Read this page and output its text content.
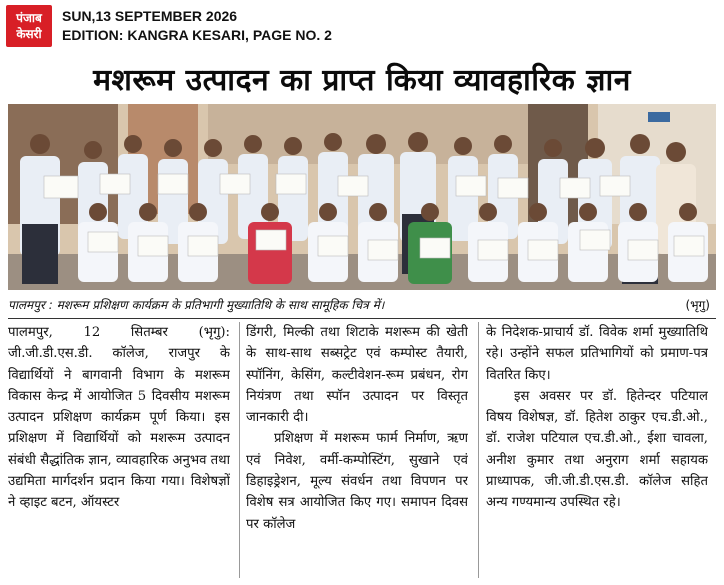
पंजाब
केसरी
SUN,13 SEPTEMBER 2026
EDITION: KANGRA KESARI, PAGE NO. 2
मशरूम उत्पादन का प्राप्त किया व्यावहारिक ज्ञान
पालमपुर : मशरूम प्रशिक्षण कार्यक्रम के प्रतिभागी मुख्यातिथि के साथ सामूहिक चित्र में।	(भृगु)

पालमपुर, 12 सितम्बर (भृगु): जी.जी.डी.एस.डी. कॉलेज, राजपुर के विद्यार्थियों ने बागवानी विभाग के मशरूम विकास केन्द्र में आयोजित 5 दिवसीय मशरूम उत्पादन प्रशिक्षण कार्यक्रम पूर्ण किया। इस प्रशिक्षण में विद्यार्थियों को मशरूम उत्पादन संबंधी सैद्धांतिक ज्ञान, व्यावहारिक अनुभव तथा उद्यमिता मार्गदर्शन प्रदान किया गया। विशेषज्ञों ने व्हाइट बटन, ऑयस्टर

डिंगरी, मिल्की तथा शिटाके मशरूम की खेती के साथ-साथ सब्सट्रेट एवं कम्पोस्ट तैयारी, स्पॉनिंग, केसिंग, कल्टीवेशन-रूम प्रबंधन, रोग नियंत्रण तथा स्पॉन उत्पादन पर विस्तृत जानकारी दी।

प्रशिक्षण में मशरूम फार्म निर्माण, ऋण एवं निवेश, वर्मी-कम्पोस्टिंग, सुखाने एवं डिहाइड्रेशन, मूल्य संवर्धन तथा विपणन पर विशेष सत्र आयोजित किए गए। समापन दिवस पर कॉलेज

के निदेशक-प्राचार्य डॉ. विवेक शर्मा मुख्यातिथि रहे। उन्होंने सफल प्रतिभागियों को प्रमाण-पत्र वितरित किए।

इस अवसर पर डॉ. हितेन्दर पटियाल विषय विशेषज्ञ, डॉ. हितेश ठाकुर एच.डी.ओ., डॉ. राजेश पटियाल एच.डी.ओ., ईशा चावला, अनीश कुमार तथा अनुराग शर्मा सहायक प्राध्यापक, जी.जी.डी.एस.डी. कॉलेज सहित अन्य गण्यमान्य उपस्थित रहे।
